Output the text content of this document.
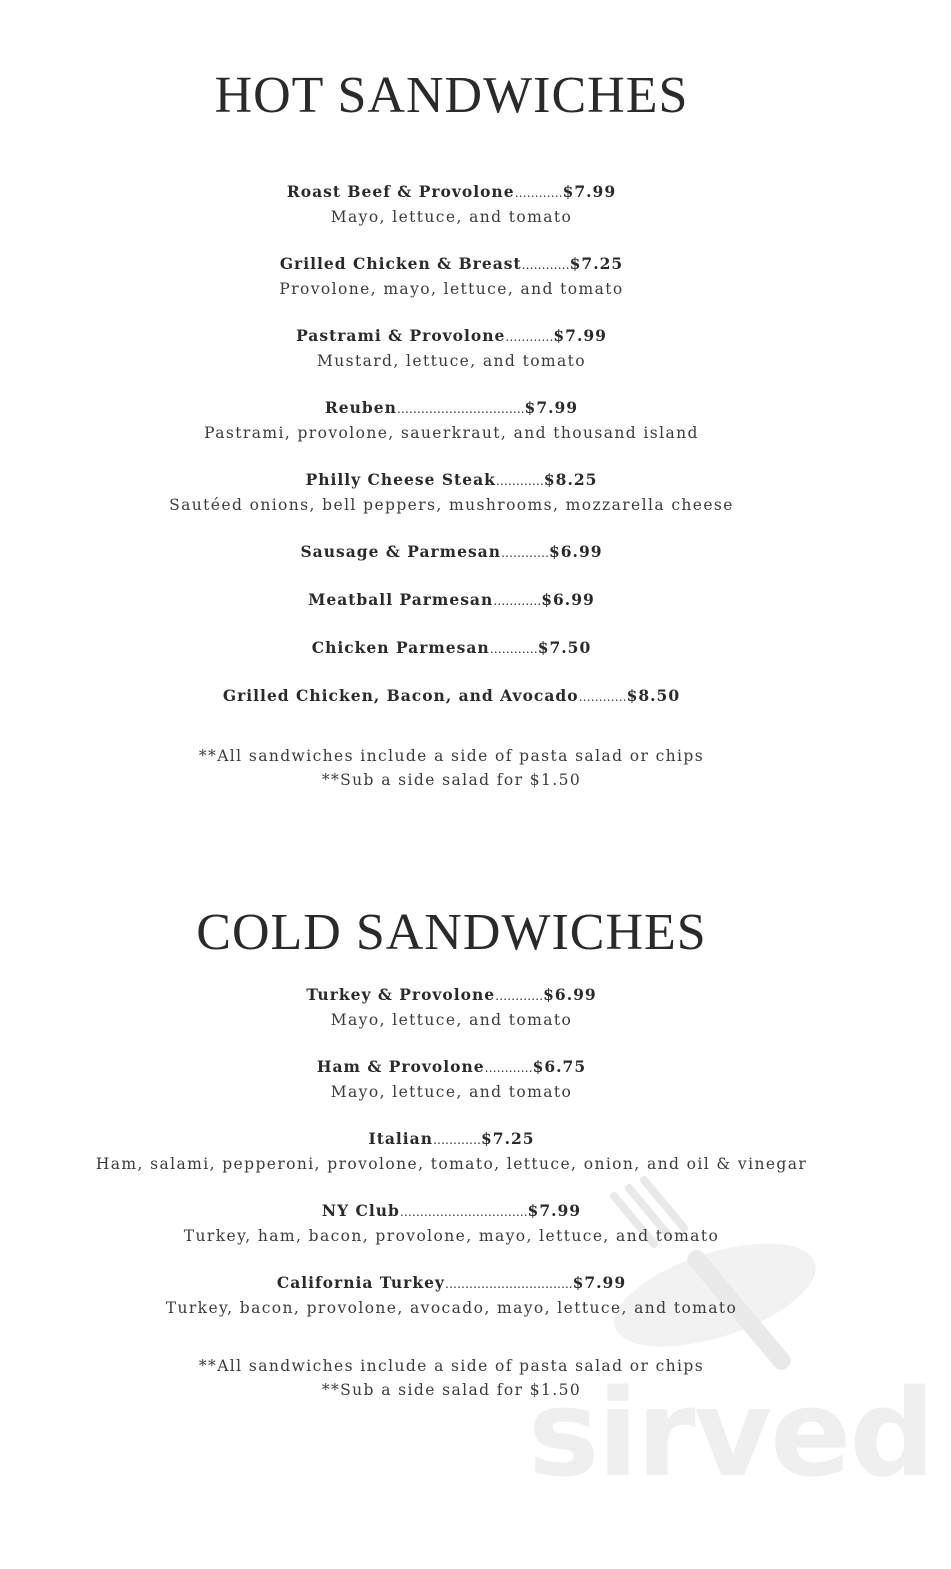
sirved
HOT SANDWICHES
Roast Beef & Provolone…………$7.99
Mayo, lettuce, and tomato
Grilled Chicken & Breast…………$7.25
Provolone, mayo, lettuce, and tomato
Pastrami & Provolone…………$7.99
Mustard, lettuce, and tomato
Reuben…………………………..$7.99
Pastrami, provolone, sauerkraut, and thousand island
Philly Cheese Steak…………$8.25
Sautéed onions, bell peppers, mushrooms, mozzarella cheese
Sausage & Parmesan…………$6.99
Meatball Parmesan…………$6.99
Chicken Parmesan…………$7.50
Grilled Chicken, Bacon, and Avocado…………$8.50
**All sandwiches include a side of pasta salad or chips
**Sub a side salad for $1.50
COLD SANDWICHES
Turkey & Provolone…………$6.99
Mayo, lettuce, and tomato
Ham & Provolone…………$6.75
Mayo, lettuce, and tomato
Italian…………$7.25
Ham, salami, pepperoni, provolone, tomato, lettuce, onion, and oil & vinegar
NY Club…………………………..$7.99
Turkey, ham, bacon, provolone, mayo, lettuce, and tomato
California Turkey…………………………..$7.99
Turkey, bacon, provolone, avocado, mayo, lettuce, and tomato
**All sandwiches include a side of pasta salad or chips
**Sub a side salad for $1.50
